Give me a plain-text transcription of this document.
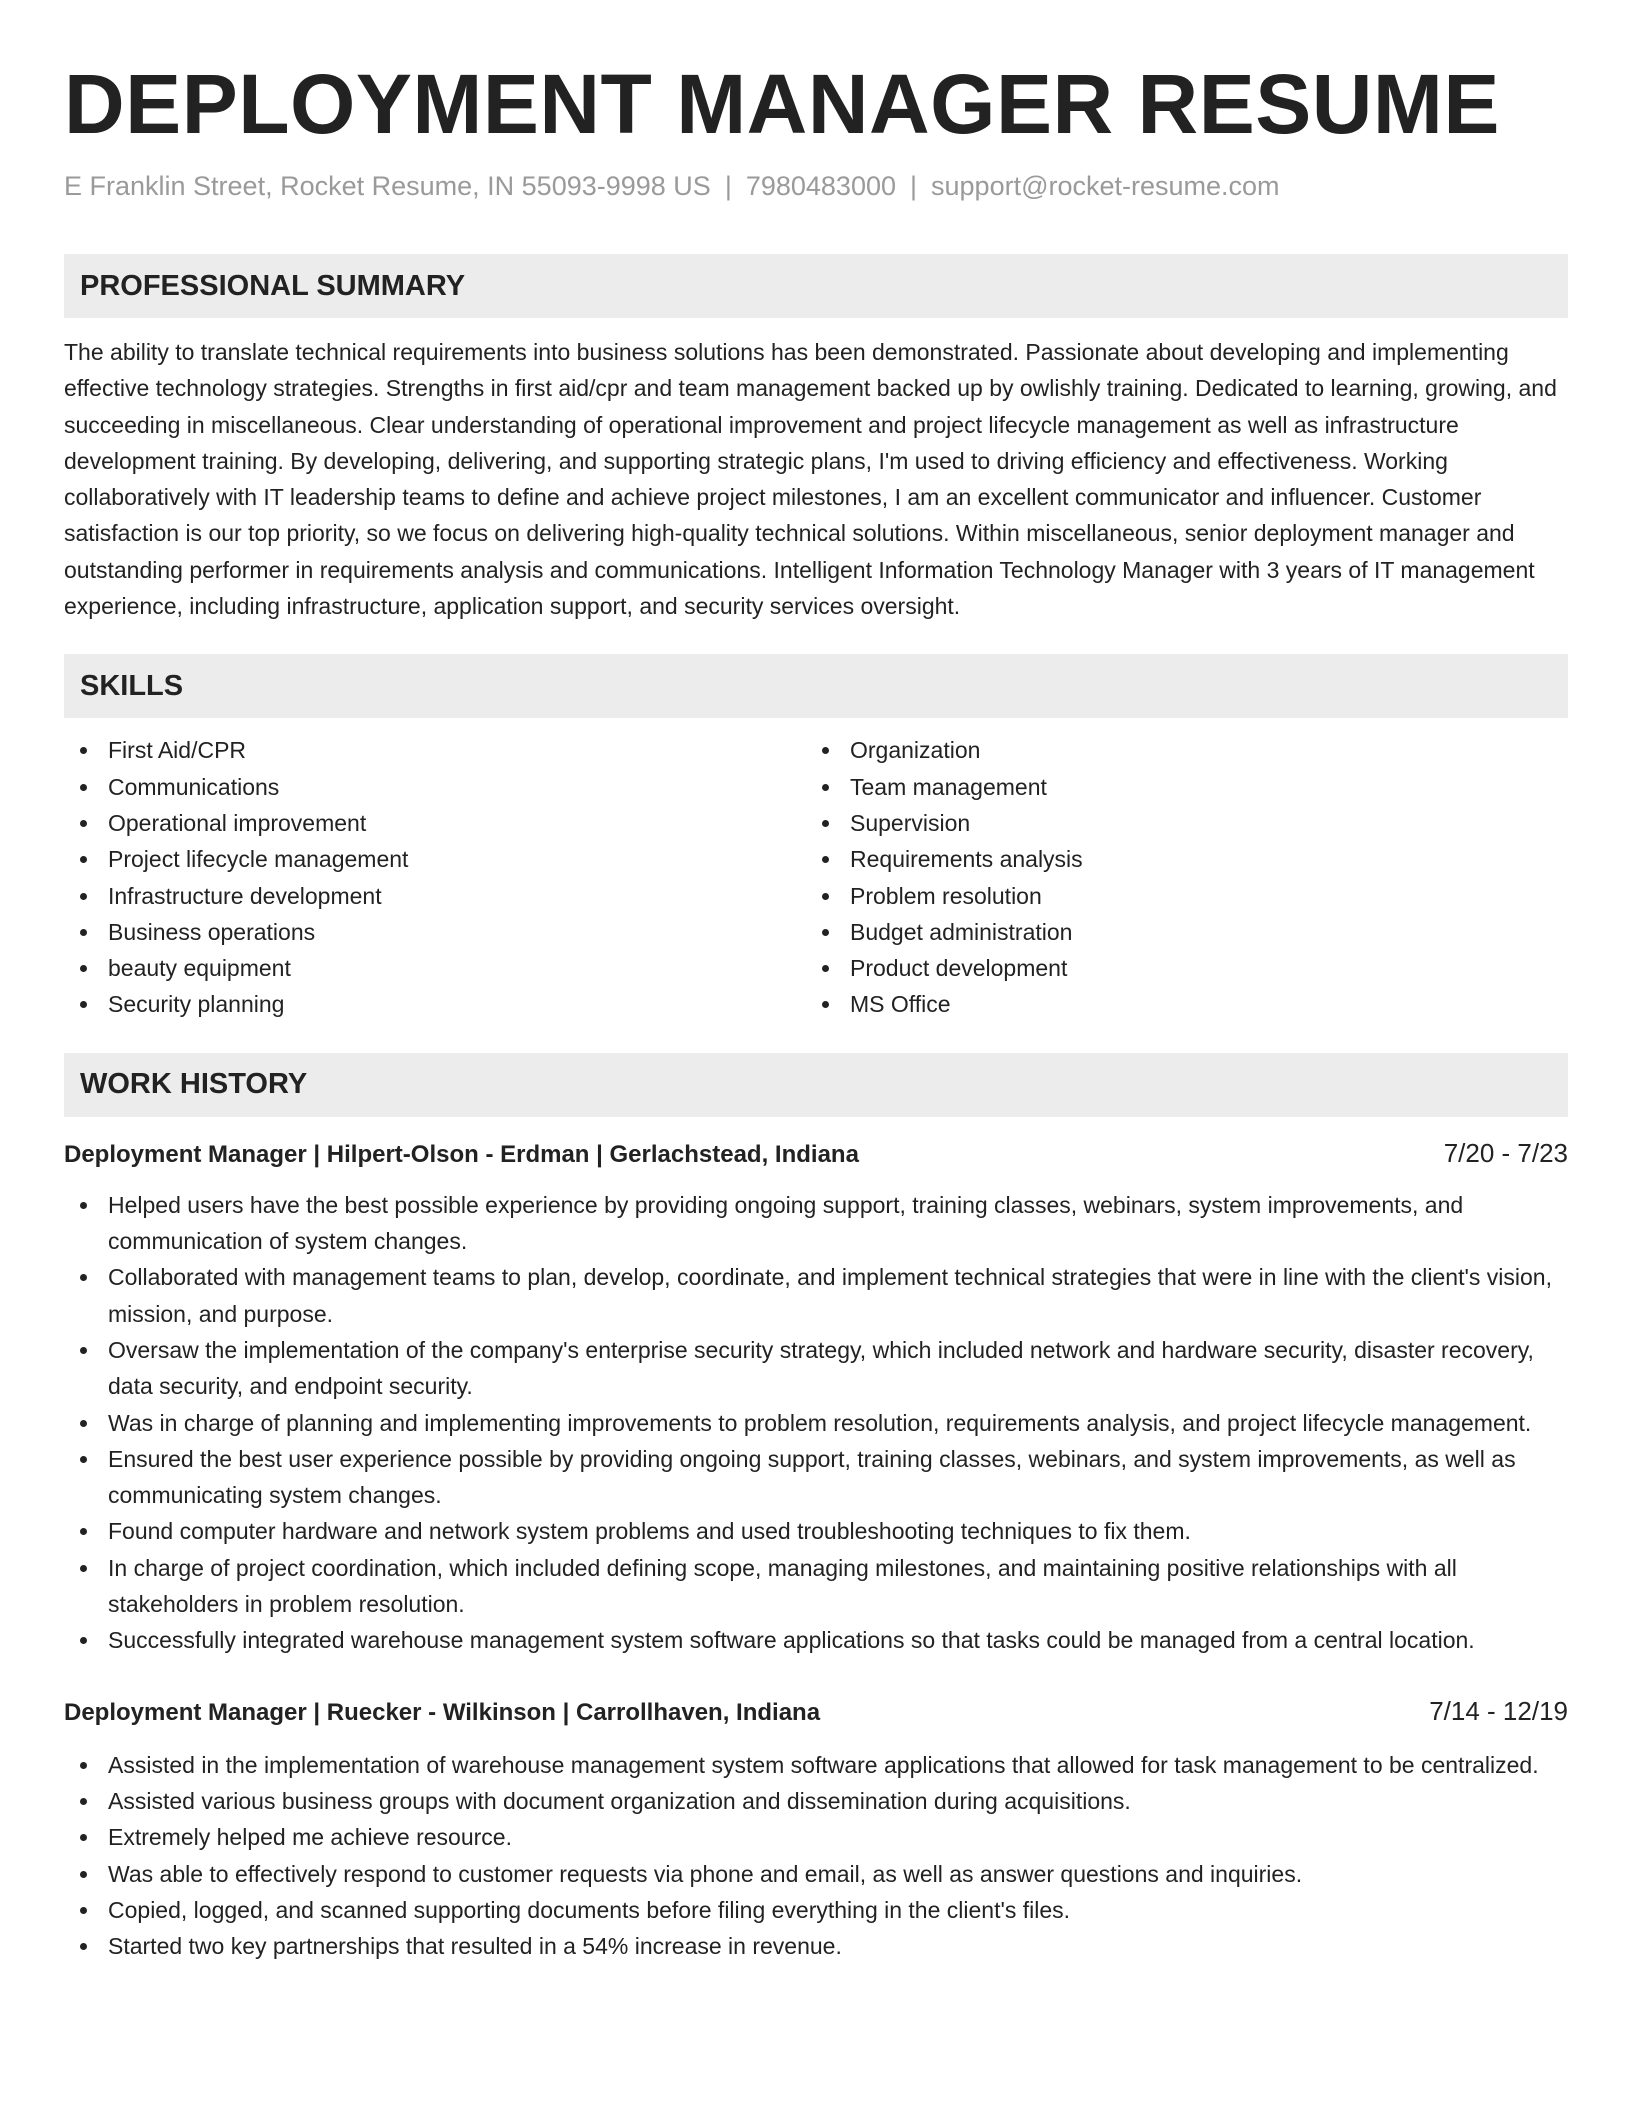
DEPLOYMENT MANAGER RESUME
E Franklin Street, Rocket Resume, IN 55093-9998 US | 7980483000 | support@rocket-resume.com
PROFESSIONAL SUMMARY

The ability to translate technical requirements into business solutions has been demonstrated. Passionate about developing and implementing effective technology strategies. Strengths in first aid/cpr and team management backed up by owlishly training. Dedicated to learning, growing, and succeeding in miscellaneous. Clear understanding of operational improvement and project lifecycle management as well as infrastructure development training. By developing, delivering, and supporting strategic plans, I'm used to driving efficiency and effectiveness. Working collaboratively with IT leadership teams to define and achieve project milestones, I am an excellent communicator and influencer. Customer satisfaction is our top priority, so we focus on delivering high-quality technical solutions. Within miscellaneous, senior deployment manager and outstanding performer in requirements analysis and communications. Intelligent Information Technology Manager with 3 years of IT management experience, including infrastructure, application support, and security services oversight.

SKILLS
First Aid/CPR
Communications
Operational improvement
Project lifecycle management
Infrastructure development
Business operations
beauty equipment
Security planning
Organization
Team management
Supervision
Requirements analysis
Problem resolution
Budget administration
Product development
MS Office
WORK HISTORY
Deployment Manager | Hilpert-Olson - Erdman | Gerlachstead, Indiana	7/20 - 7/23
Helped users have the best possible experience by providing ongoing support, training classes, webinars, system improvements, and communication of system changes.
Collaborated with management teams to plan, develop, coordinate, and implement technical strategies that were in line with the client's vision, mission, and purpose.
Oversaw the implementation of the company's enterprise security strategy, which included network and hardware security, disaster recovery, data security, and endpoint security.
Was in charge of planning and implementing improvements to problem resolution, requirements analysis, and project lifecycle management.
Ensured the best user experience possible by providing ongoing support, training classes, webinars, and system improvements, as well as communicating system changes.
Found computer hardware and network system problems and used troubleshooting techniques to fix them.
In charge of project coordination, which included defining scope, managing milestones, and maintaining positive relationships with all stakeholders in problem resolution.
Successfully integrated warehouse management system software applications so that tasks could be managed from a central location.
Deployment Manager | Ruecker - Wilkinson | Carrollhaven, Indiana	7/14 - 12/19
Assisted in the implementation of warehouse management system software applications that allowed for task management to be centralized.
Assisted various business groups with document organization and dissemination during acquisitions.
Extremely helped me achieve resource.
Was able to effectively respond to customer requests via phone and email, as well as answer questions and inquiries.
Copied, logged, and scanned supporting documents before filing everything in the client's files.
Started two key partnerships that resulted in a 54% increase in revenue.
